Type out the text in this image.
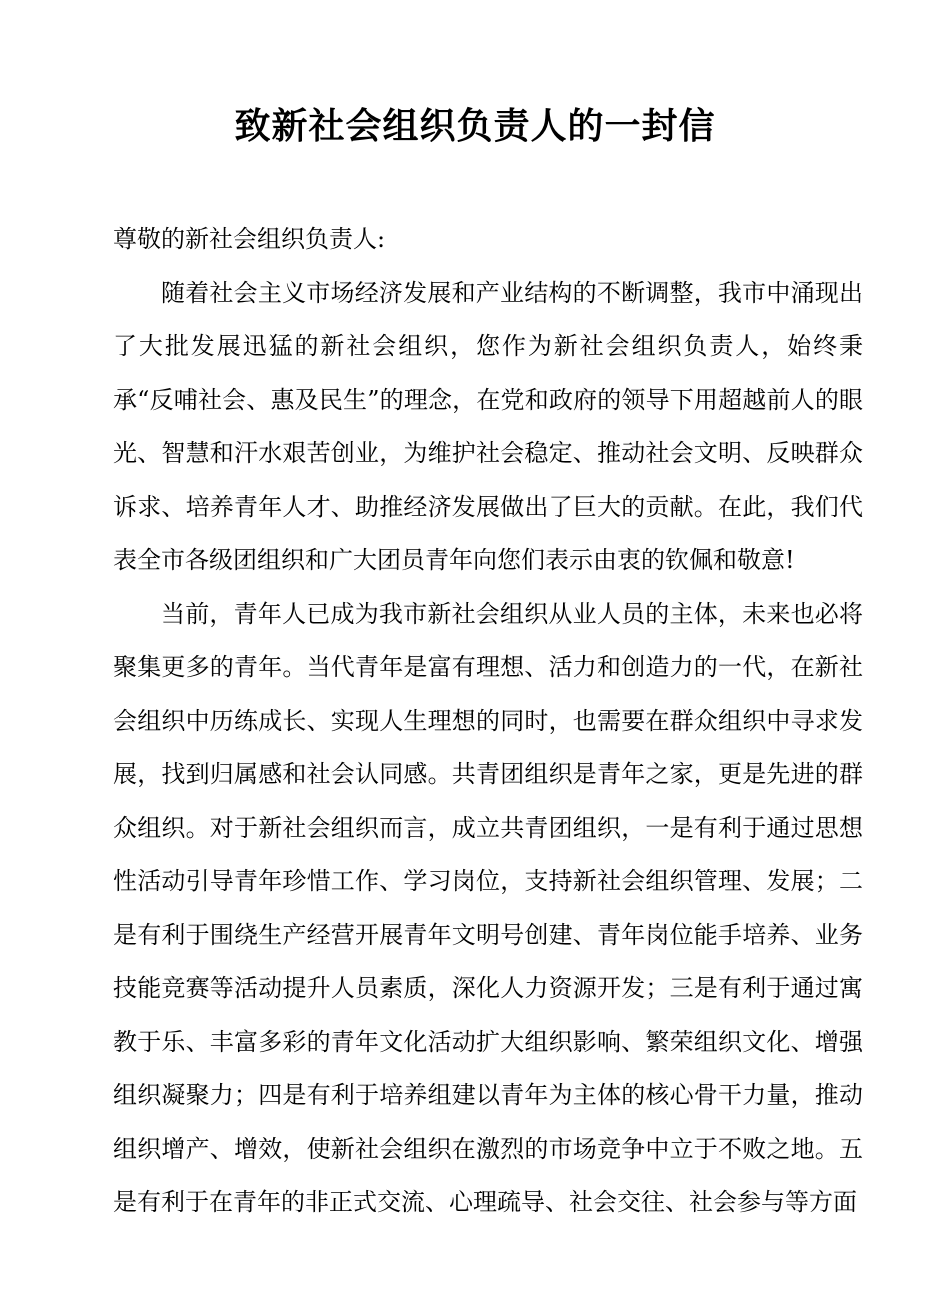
致新社会组织负责人的一封信

尊敬的新社会组织负责人:

随着社会主义市场经济发展和产业结构的不断调整，我市中涌现出了大批发展迅猛的新社会组织，您作为新社会组织负责人，始终秉承“反哺社会、惠及民生”的理念，在党和政府的领导下用超越前人的眼光、智慧和汗水艰苦创业，为维护社会稳定、推动社会文明、反映群众诉求、培养青年人才、助推经济发展做出了巨大的贡献。在此，我们代表全市各级团组织和广大团员青年向您们表示由衷的钦佩和敬意!

当前，青年人已成为我市新社会组织从业人员的主体，未来也必将聚集更多的青年。当代青年是富有理想、活力和创造力的一代，在新社会组织中历练成长、实现人生理想的同时，也需要在群众组织中寻求发展，找到归属感和社会认同感。共青团组织是青年之家，更是先进的群众组织。对于新社会组织而言，成立共青团组织，一是有利于通过思想性活动引导青年珍惜工作、学习岗位，支持新社会组织管理、发展；二是有利于围绕生产经营开展青年文明号创建、青年岗位能手培养、业务技能竞赛等活动提升人员素质，深化人力资源开发；三是有利于通过寓教于乐、丰富多彩的青年文化活动扩大组织影响、繁荣组织文化、增强组织凝聚力；四是有利于培养组建以青年为主体的核心骨干力量，推动组织增产、增效，使新社会组织在激烈的市场竞争中立于不败之地。五是有利于在青年的非正式交流、心理疏导、社会交往、社会参与等方面
